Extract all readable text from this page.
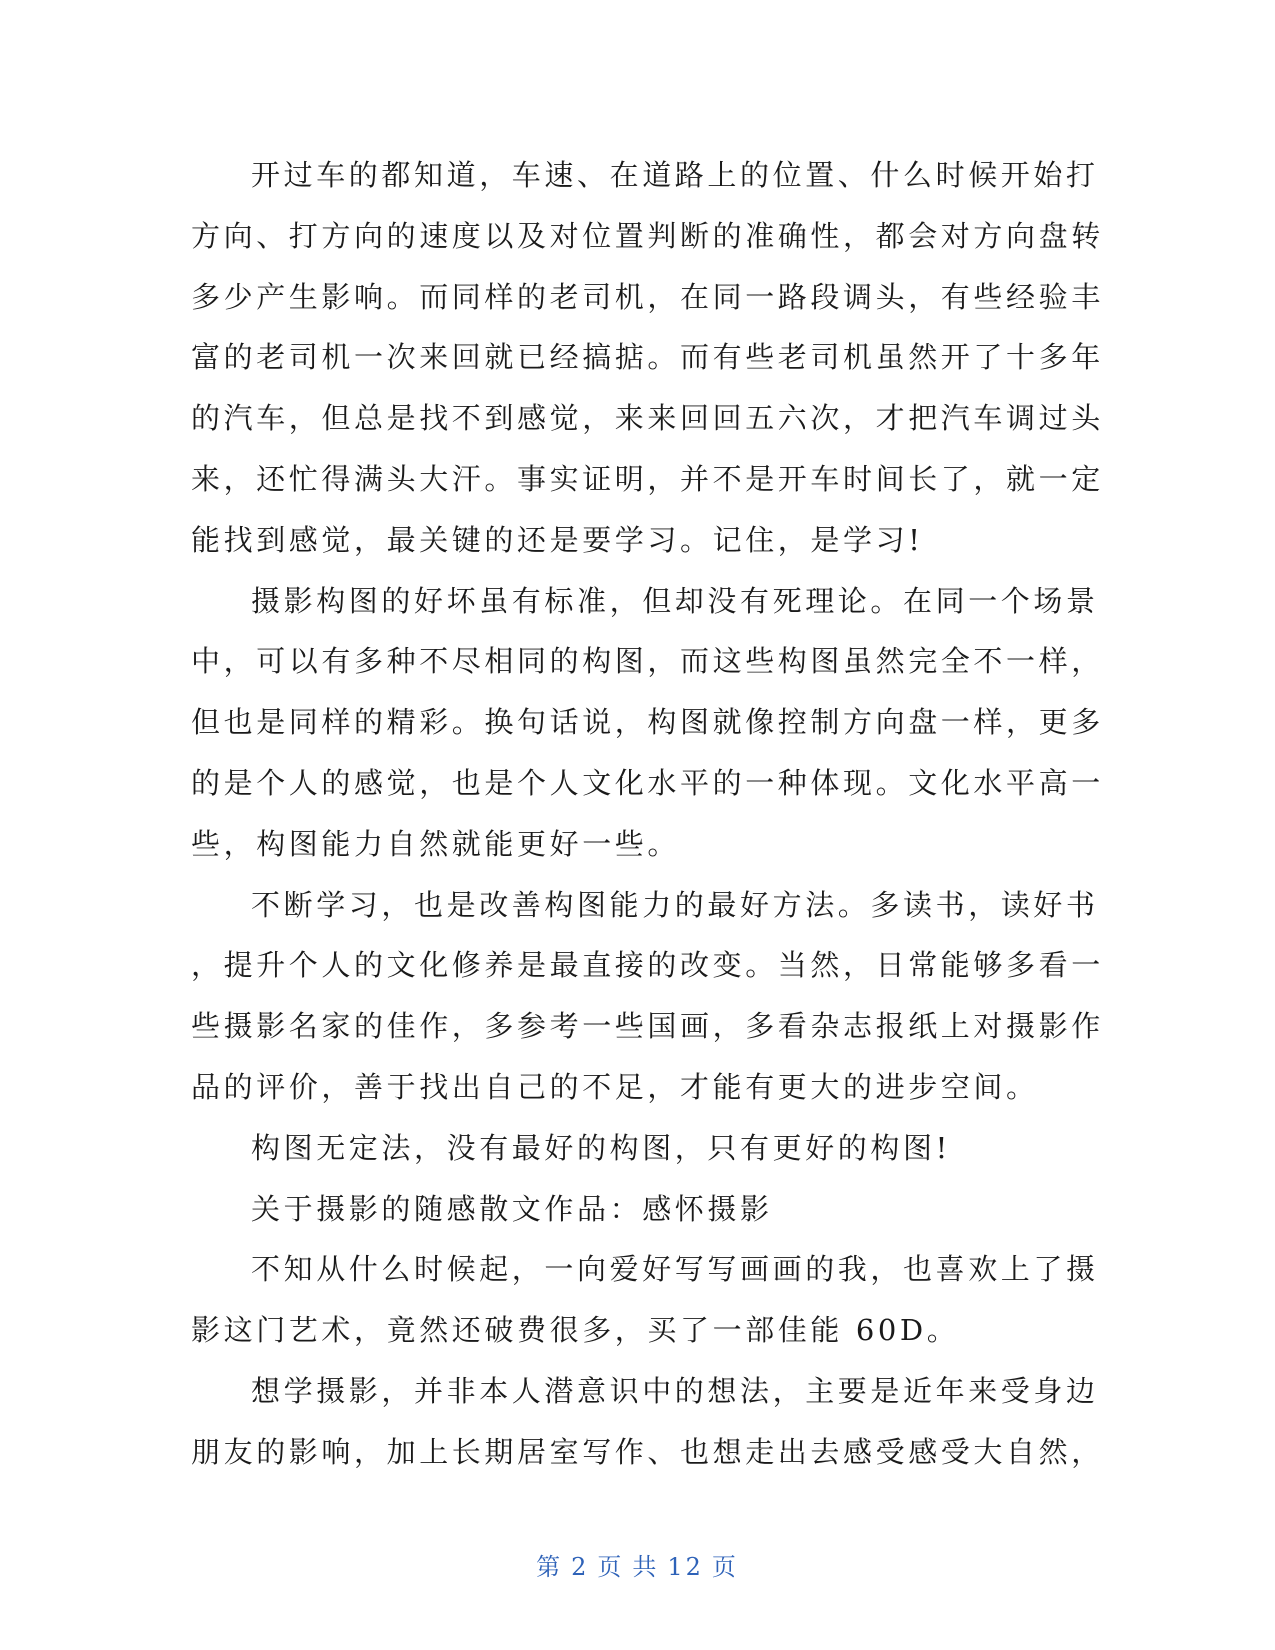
开过车的都知道，车速、在道路上的位置、什么时候开始打
方向、打方向的速度以及对位置判断的准确性，都会对方向盘转
多少产生影响。而同样的老司机，在同一路段调头，有些经验丰
富的老司机一次来回就已经搞掂。而有些老司机虽然开了十多年
的汽车，但总是找不到感觉，来来回回五六次，才把汽车调过头
来，还忙得满头大汗。事实证明，并不是开车时间长了，就一定
能找到感觉，最关键的还是要学习。记住，是学习!
摄影构图的好坏虽有标准，但却没有死理论。在同一个场景
中，可以有多种不尽相同的构图，而这些构图虽然完全不一样，
但也是同样的精彩。换句话说，构图就像控制方向盘一样，更多
的是个人的感觉，也是个人文化水平的一种体现。文化水平高一
些，构图能力自然就能更好一些。
不断学习，也是改善构图能力的最好方法。多读书，读好书
，提升个人的文化修养是最直接的改变。当然，日常能够多看一
些摄影名家的佳作，多参考一些国画，多看杂志报纸上对摄影作
品的评价，善于找出自己的不足，才能有更大的进步空间。
构图无定法，没有最好的构图，只有更好的构图!
关于摄影的随感散文作品：感怀摄影
不知从什么时候起，一向爱好写写画画的我，也喜欢上了摄
影这门艺术，竟然还破费很多，买了一部佳能 60D。
想学摄影，并非本人潜意识中的想法，主要是近年来受身边
朋友的影响，加上长期居室写作、也想走出去感受感受大自然，
第 2 页 共 12 页
